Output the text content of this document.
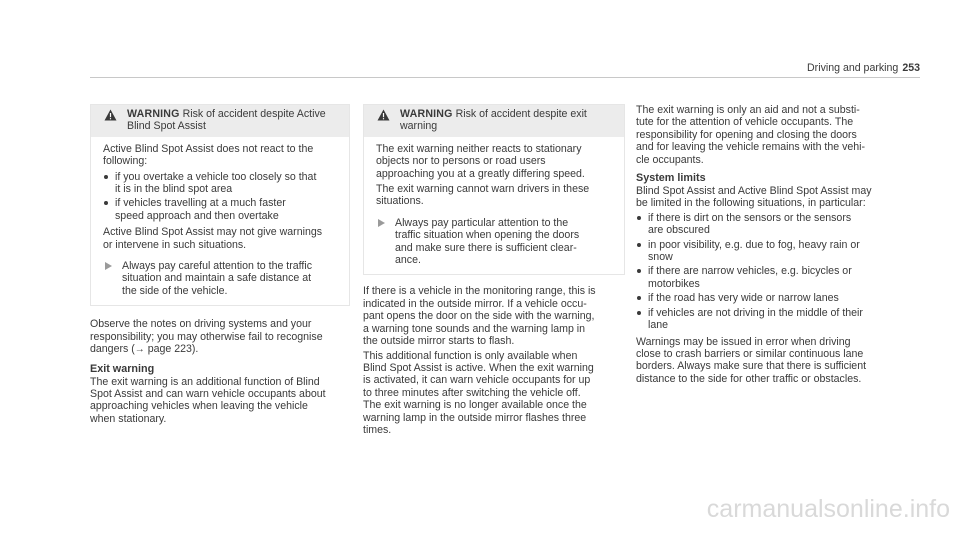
Driving and parking 253
WARNING Risk of accident despite Active
Blind Spot Assist

Active Blind Spot Assist does not react to the
following:

if you overtake a vehicle too closely so that
it is in the blind spot area
if vehicles travelling at a much faster
speed approach and then overtake

Active Blind Spot Assist may not give warnings
or intervene in such situations.

Always pay careful attention to the traffic
situation and maintain a safe distance at
the side of the vehicle.

Observe the notes on driving systems and your
responsibility; you may otherwise fail to recognise
dangers (→ page 223).

Exit warning

The exit warning is an additional function of Blind
Spot Assist and can warn vehicle occupants about
approaching vehicles when leaving the vehicle
when stationary.

WARNING Risk of accident despite exit
warning

The exit warning neither reacts to stationary
objects nor to persons or road users
approaching you at a greatly differing speed.

The exit warning cannot warn drivers in these
situations.

Always pay particular attention to the
traffic situation when opening the doors
and make sure there is sufficient clear-
ance.

If there is a vehicle in the monitoring range, this is
indicated in the outside mirror. If a vehicle occu-
pant opens the door on the side with the warning,
a warning tone sounds and the warning lamp in
the outside mirror starts to flash.

This additional function is only available when
Blind Spot Assist is active. When the exit warning
is activated, it can warn vehicle occupants for up
to three minutes after switching the vehicle off.
The exit warning is no longer available once the
warning lamp in the outside mirror flashes three
times.

The exit warning is only an aid and not a substi-
tute for the attention of vehicle occupants. The
responsibility for opening and closing the doors
and for leaving the vehicle remains with the vehi-
cle occupants.

System limits

Blind Spot Assist and Active Blind Spot Assist may
be limited in the following situations, in particular:

if there is dirt on the sensors or the sensors
are obscured
in poor visibility, e.g. due to fog, heavy rain or
snow
if there are narrow vehicles, e.g. bicycles or
motorbikes
if the road has very wide or narrow lanes
if vehicles are not driving in the middle of their
lane

Warnings may be issued in error when driving
close to crash barriers or similar continuous lane
borders. Always make sure that there is sufficient
distance to the side for other traffic or obstacles.

carmanualsonline.info
